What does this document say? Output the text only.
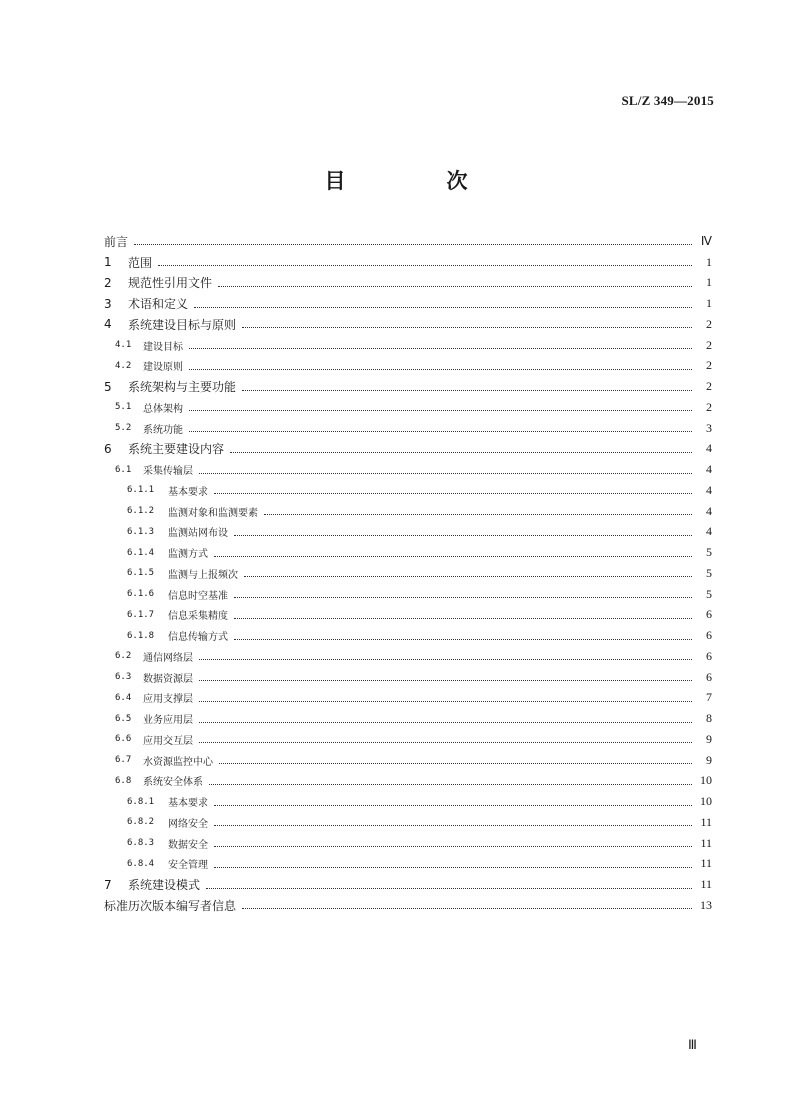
SL/Z 349—2015
目　次
前言	Ⅳ
1	范围	1
2	规范性引用文件	1
3	术语和定义	1
4	系统建设目标与原则	2
4.1	建设目标	2
4.2	建设原则	2
5	系统架构与主要功能	2
5.1	总体架构	2
5.2	系统功能	3
6	系统主要建设内容	4
6.1	采集传输层	4
6.1.1	基本要求	4
6.1.2	监测对象和监测要素	4
6.1.3	监测站网布设	4
6.1.4	监测方式	5
6.1.5	监测与上报频次	5
6.1.6	信息时空基准	5
6.1.7	信息采集精度	6
6.1.8	信息传输方式	6
6.2	通信网络层	6
6.3	数据资源层	6
6.4	应用支撑层	7
6.5	业务应用层	8
6.6	应用交互层	9
6.7	水资源监控中心	9
6.8	系统安全体系	10
6.8.1	基本要求	10
6.8.2	网络安全	11
6.8.3	数据安全	11
6.8.4	安全管理	11
7	系统建设模式	11
标准历次版本编写者信息	13
Ⅲ
